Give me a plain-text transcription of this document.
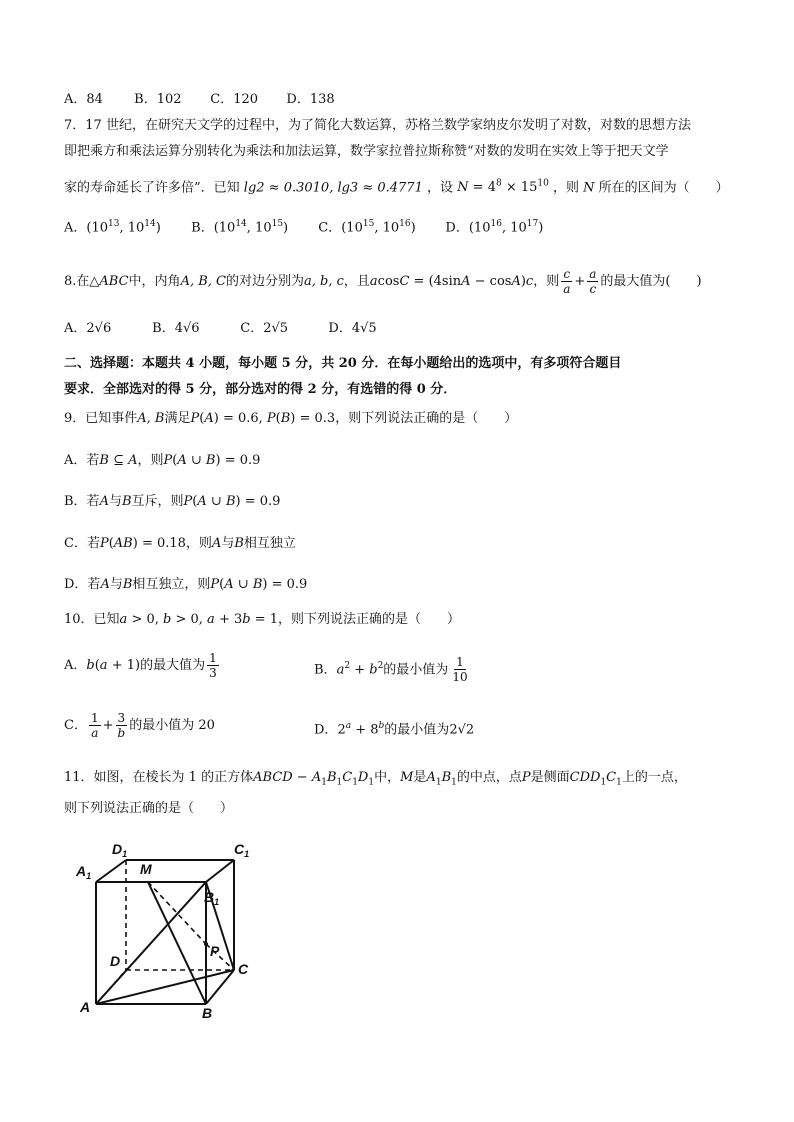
A．84 B．102 C．120 D．138
7．17 世纪，在研究天文学的过程中，为了简化大数运算，苏格兰数学家纳皮尔发明了对数，对数的思想方法
即把乘方和乘法运算分别转化为乘法和加法运算，数学家拉普拉斯称赞“对数的发明在实效上等于把天文学
家的寿命延长了许多倍”．已知 lg2 ≈ 0.3010, lg3 ≈ 0.4771 ，设 $N = 4^8 \times 15^{10}$ ，则 N 所在的区间为（　　）
A．($10^{13}$, $10^{14}$) B．($10^{14}$, $10^{15}$) C．($10^{15}$, $10^{16}$) D．($10^{16}$, $10^{17}$)
8.在△ABC中，内角A, B, C的对边分别为a, b, c，且acosC = (4sinA − cosA)c，则 $\frac{c}{a} + \frac{a}{c}$ 的最大值为(　　)
A．2√6	B．4√6	C．2√5	D．4√5
二、选择题：本题共 4 小题，每小题 5 分，共 20 分．在每小题给出的选项中，有多项符合题目
要求．全部选对的得 5 分，部分选对的得 2 分，有选错的得 0 分．
9．已知事件A, B满足P(A) = 0.6, P(B) = 0.3，则下列说法正确的是（　　）
A．若B ⊆ A，则P(A ∪ B) = 0.9
B．若A与B互斥，则P(A ∪ B) = 0.9
C．若P(AB) = 0.18，则A与B相互独立
D．若A与B相互独立，则P(A ∪ B) = 0.9
10．已知a > 0, b > 0, a + 3b = 1，则下列说法正确的是（　　）
A．b(a + 1)的最大值为 $\frac{1}{3}$	B．$a^2 + b^2$的最小值为 $\frac{1}{10}$
C． $\frac{1}{a} + \frac{3}{b}$ 的最小值为 20	D．$2^a + 8^b$的最小值为2√2
11．如图，在棱长为 1 的正方体ABCD − $A_1B_1C_1D_1$中，M是$A_1B_1$的中点，点P是侧面$CDD_1C_1$上的一点，
则下列说法正确的是（　　）
$D_1$	$C_1$
$A_1$	M
$B_1$
P
D	C
A	B
